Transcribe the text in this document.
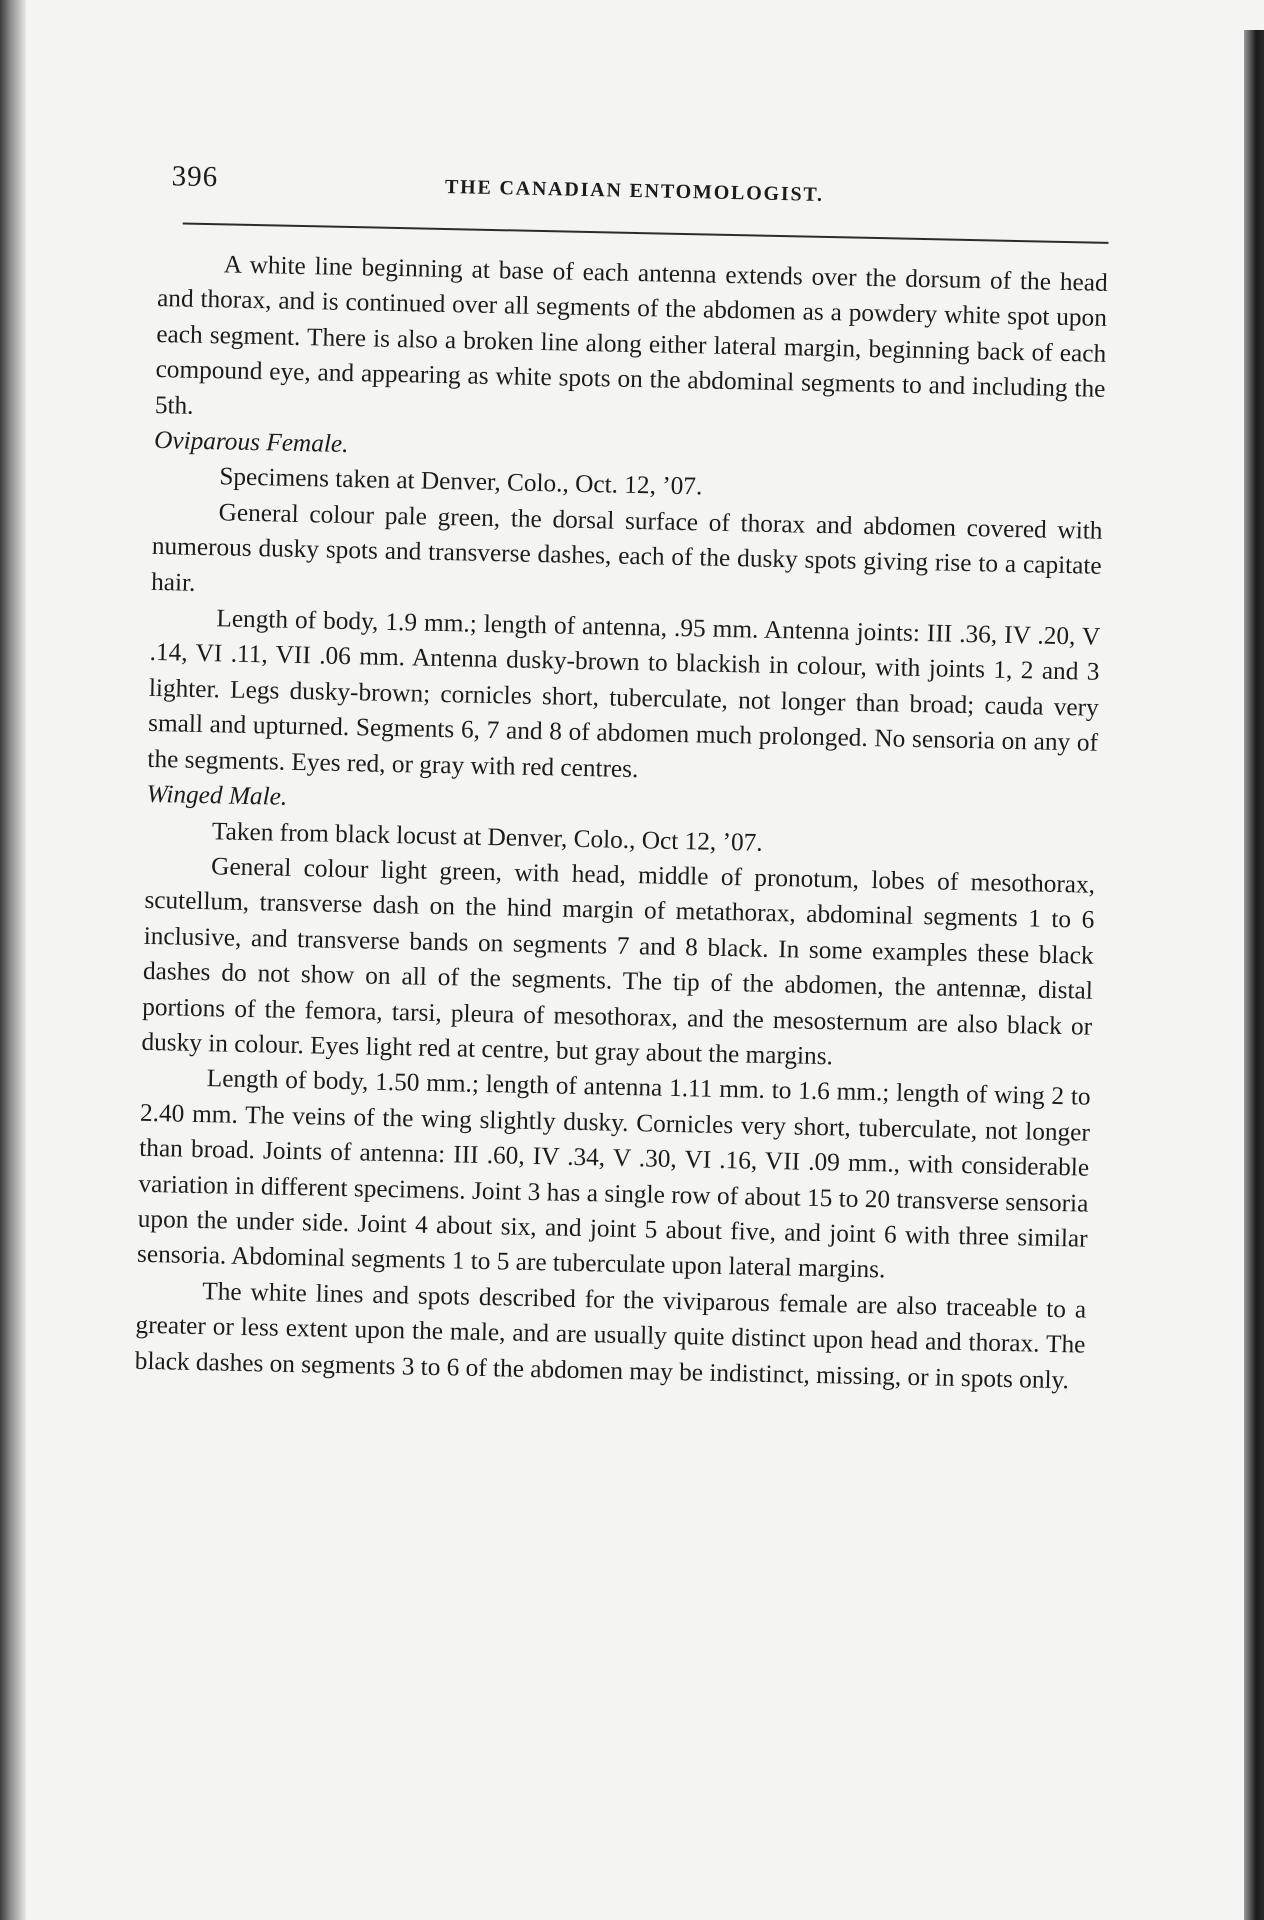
396	THE CANADIAN ENTOMOLOGIST.

A white line beginning at base of each antenna extends over the dorsum of the head and thorax, and is continued over all segments of the abdomen as a powdery white spot upon each segment. There is also a broken line along either lateral margin, beginning back of each compound eye, and appearing as white spots on the abdominal segments to and including the 5th.

Oviparous Female.

Specimens taken at Denver, Colo., Oct. 12, ’07.

General colour pale green, the dorsal surface of thorax and abdomen covered with numerous dusky spots and transverse dashes, each of the dusky spots giving rise to a capitate hair.

Length of body, 1.9 mm.; length of antenna, .95 mm. Antenna joints: III .36, IV .20, V .14, VI .11, VII .06 mm. Antenna dusky-brown to blackish in colour, with joints 1, 2 and 3 lighter. Legs dusky-brown; cornicles short, tuberculate, not longer than broad; cauda very small and upturned. Segments 6, 7 and 8 of abdomen much prolonged. No sensoria on any of the segments. Eyes red, or gray with red centres.

Winged Male.

Taken from black locust at Denver, Colo., Oct 12, ’07.

General colour light green, with head, middle of pronotum, lobes of mesothorax, scutellum, transverse dash on the hind margin of metathorax, abdominal segments 1 to 6 inclusive, and transverse bands on segments 7 and 8 black. In some examples these black dashes do not show on all of the segments. The tip of the abdomen, the antennæ, distal portions of the femora, tarsi, pleura of mesothorax, and the mesosternum are also black or dusky in colour. Eyes light red at centre, but gray about the margins.

Length of body, 1.50 mm.; length of antenna 1.11 mm. to 1.6 mm.; length of wing 2 to 2.40 mm. The veins of the wing slightly dusky. Cornicles very short, tuberculate, not longer than broad. Joints of antenna: III .60, IV .34, V .30, VI .16, VII .09 mm., with considerable variation in different specimens. Joint 3 has a single row of about 15 to 20 transverse sensoria upon the under side. Joint 4 about six, and joint 5 about five, and joint 6 with three similar sensoria. Abdominal segments 1 to 5 are tuberculate upon lateral margins.

The white lines and spots described for the viviparous female are also traceable to a greater or less extent upon the male, and are usually quite distinct upon head and thorax. The black dashes on segments 3 to 6 of the abdomen may be indistinct, missing, or in spots only.
